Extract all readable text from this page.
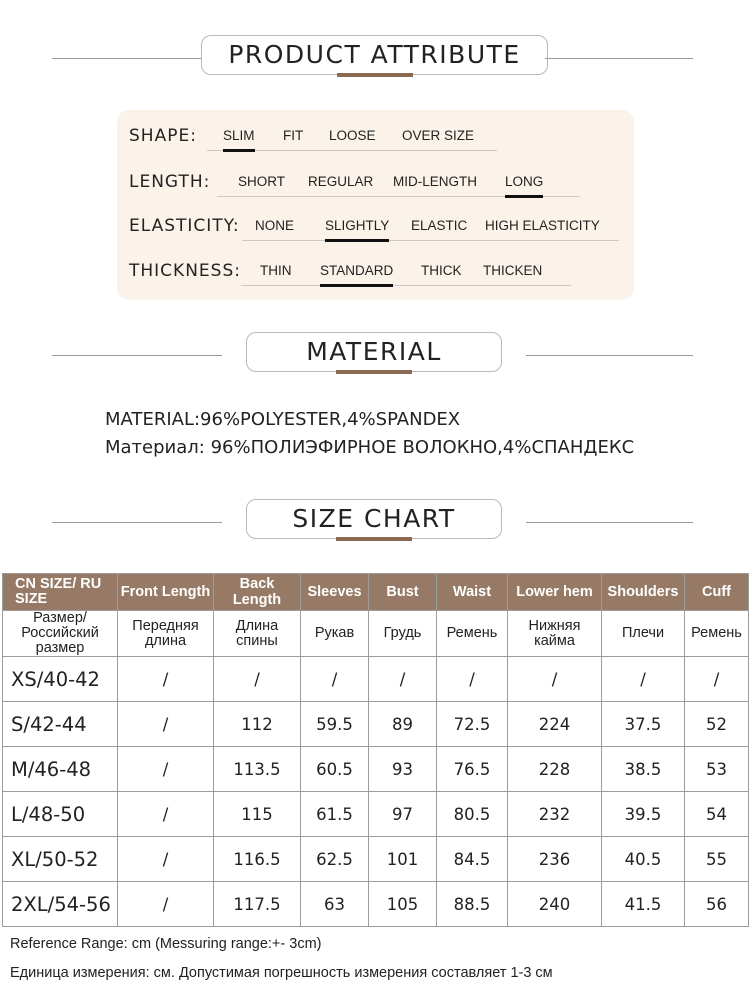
PRODUCT ATTRIBUTE
SHAPE: SLIM FIT LOOSE OVER SIZE
LENGTH: SHORT REGULAR MID-LENGTH LONG
ELASTICITY: NONE SLIGHTLY ELASTIC HIGH ELASTICITY
THICKNESS: THIN STANDARD THICK THICKEN
MATERIAL
MATERIAL:96%POLYESTER,4%SPANDEX
Материал: 96%ПОЛИЭФИРНОЕ ВОЛОКНО,4%СПАНДЕКС
SIZE CHART
CN SIZE/ RU SIZE	Front Length	Back Length	Sleeves	Bust	Waist	Lower hem	Shoulders	Cuff
Размер/ Российский размер	Передняя длина	Длина спины	Рукав	Грудь	Ремень	Нижняя кайма	Плечи	Ремень
XS/40-42	/	/	/	/	/	/	/	/
S/42-44	/	112	59.5	89	72.5	224	37.5	52
M/46-48	/	113.5	60.5	93	76.5	228	38.5	53
L/48-50	/	115	61.5	97	80.5	232	39.5	54
XL/50-52	/	116.5	62.5	101	84.5	236	40.5	55
2XL/54-56	/	117.5	63	105	88.5	240	41.5	56
Reference Range: cm (Messuring range:+- 3cm)
Единица измерения: см. Допустимая погрешность измерения составляет 1-3 см
